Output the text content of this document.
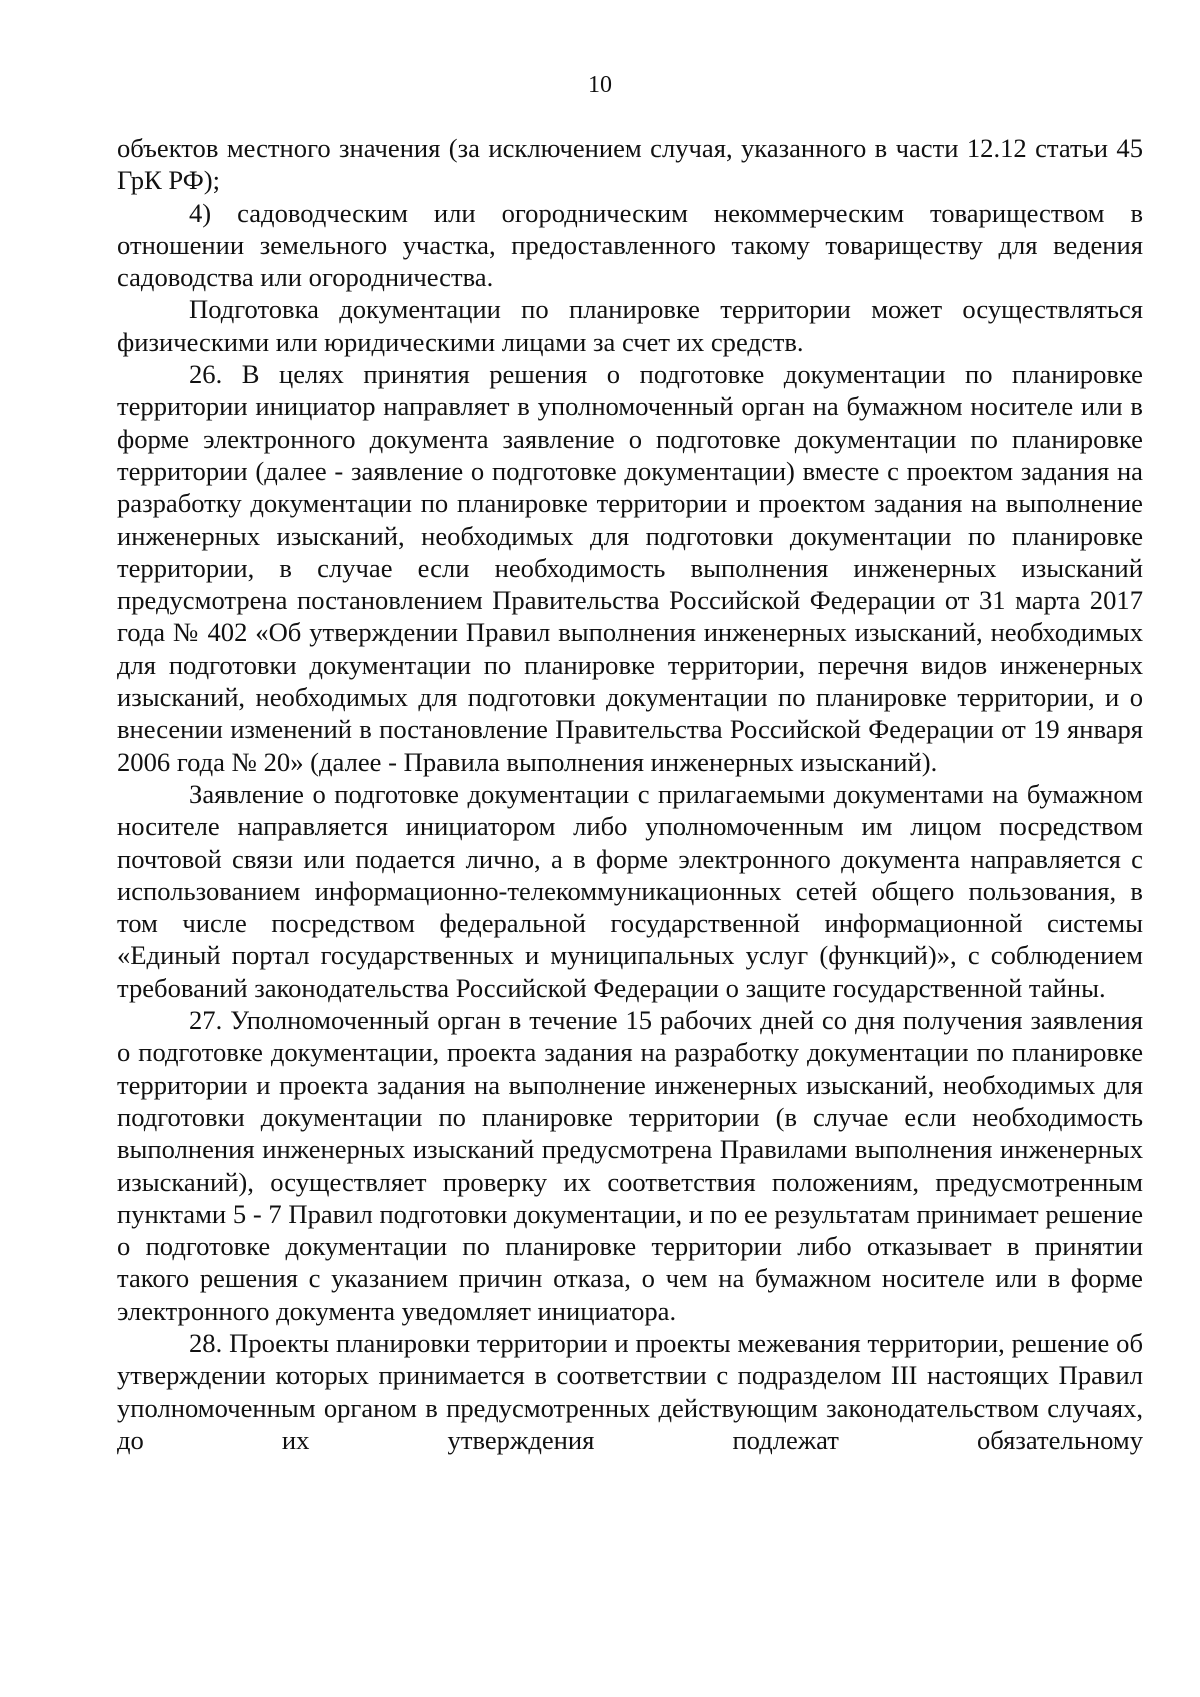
10

объектов местного значения (за исключением случая, указанного в части 12.12 статьи 45 ГрК РФ);

4) садоводческим или огородническим некоммерческим товариществом в отношении земельного участка, предоставленного такому товариществу для ведения садоводства или огородничества.

Подготовка документации по планировке территории может осуществляться физическими или юридическими лицами за счет их средств.

26. В целях принятия решения о подготовке документации по планировке территории инициатор направляет в уполномоченный орган на бумажном носителе или в форме электронного документа заявление о подготовке документации по планировке территории (далее - заявление о подготовке документации) вместе с проектом задания на разработку документации по планировке территории и проектом задания на выполнение инженерных изысканий, необходимых для подготовки документации по планировке территории, в случае если необходимость выполнения инженерных изысканий предусмотрена постановлением Правительства Российской Федерации от 31 марта 2017 года № 402 «Об утверждении Правил выполнения инженерных изысканий, необходимых для подготовки документации по планировке территории, перечня видов инженерных изысканий, необходимых для подготовки документации по планировке территории, и о внесении изменений в постановление Правительства Российской Федерации от 19 января 2006 года № 20» (далее - Правила выполнения инженерных изысканий).

Заявление о подготовке документации с прилагаемыми документами на бумажном носителе направляется инициатором либо уполномоченным им лицом посредством почтовой связи или подается лично, а в форме электронного документа направляется с использованием информационно-телекоммуникационных сетей общего пользования, в том числе посредством федеральной государственной информационной системы «Единый портал государственных и муниципальных услуг (функций)», с соблюдением требований законодательства Российской Федерации о защите государственной тайны.

27. Уполномоченный орган в течение 15 рабочих дней со дня получения заявления о подготовке документации, проекта задания на разработку документации по планировке территории и проекта задания на выполнение инженерных изысканий, необходимых для подготовки документации по планировке территории (в случае если необходимость выполнения инженерных изысканий предусмотрена Правилами выполнения инженерных изысканий), осуществляет проверку их соответствия положениям, предусмотренным пунктами 5 - 7 Правил подготовки документации, и по ее результатам принимает решение о подготовке документации по планировке территории либо отказывает в принятии такого решения с указанием причин отказа, о чем на бумажном носителе или в форме электронного документа уведомляет инициатора.

28. Проекты планировки территории и проекты межевания территории, решение об утверждении которых принимается в соответствии с подразделом III настоящих Правил уполномоченным органом в предусмотренных действующим законодательством случаях, до их утверждения подлежат обязательному
